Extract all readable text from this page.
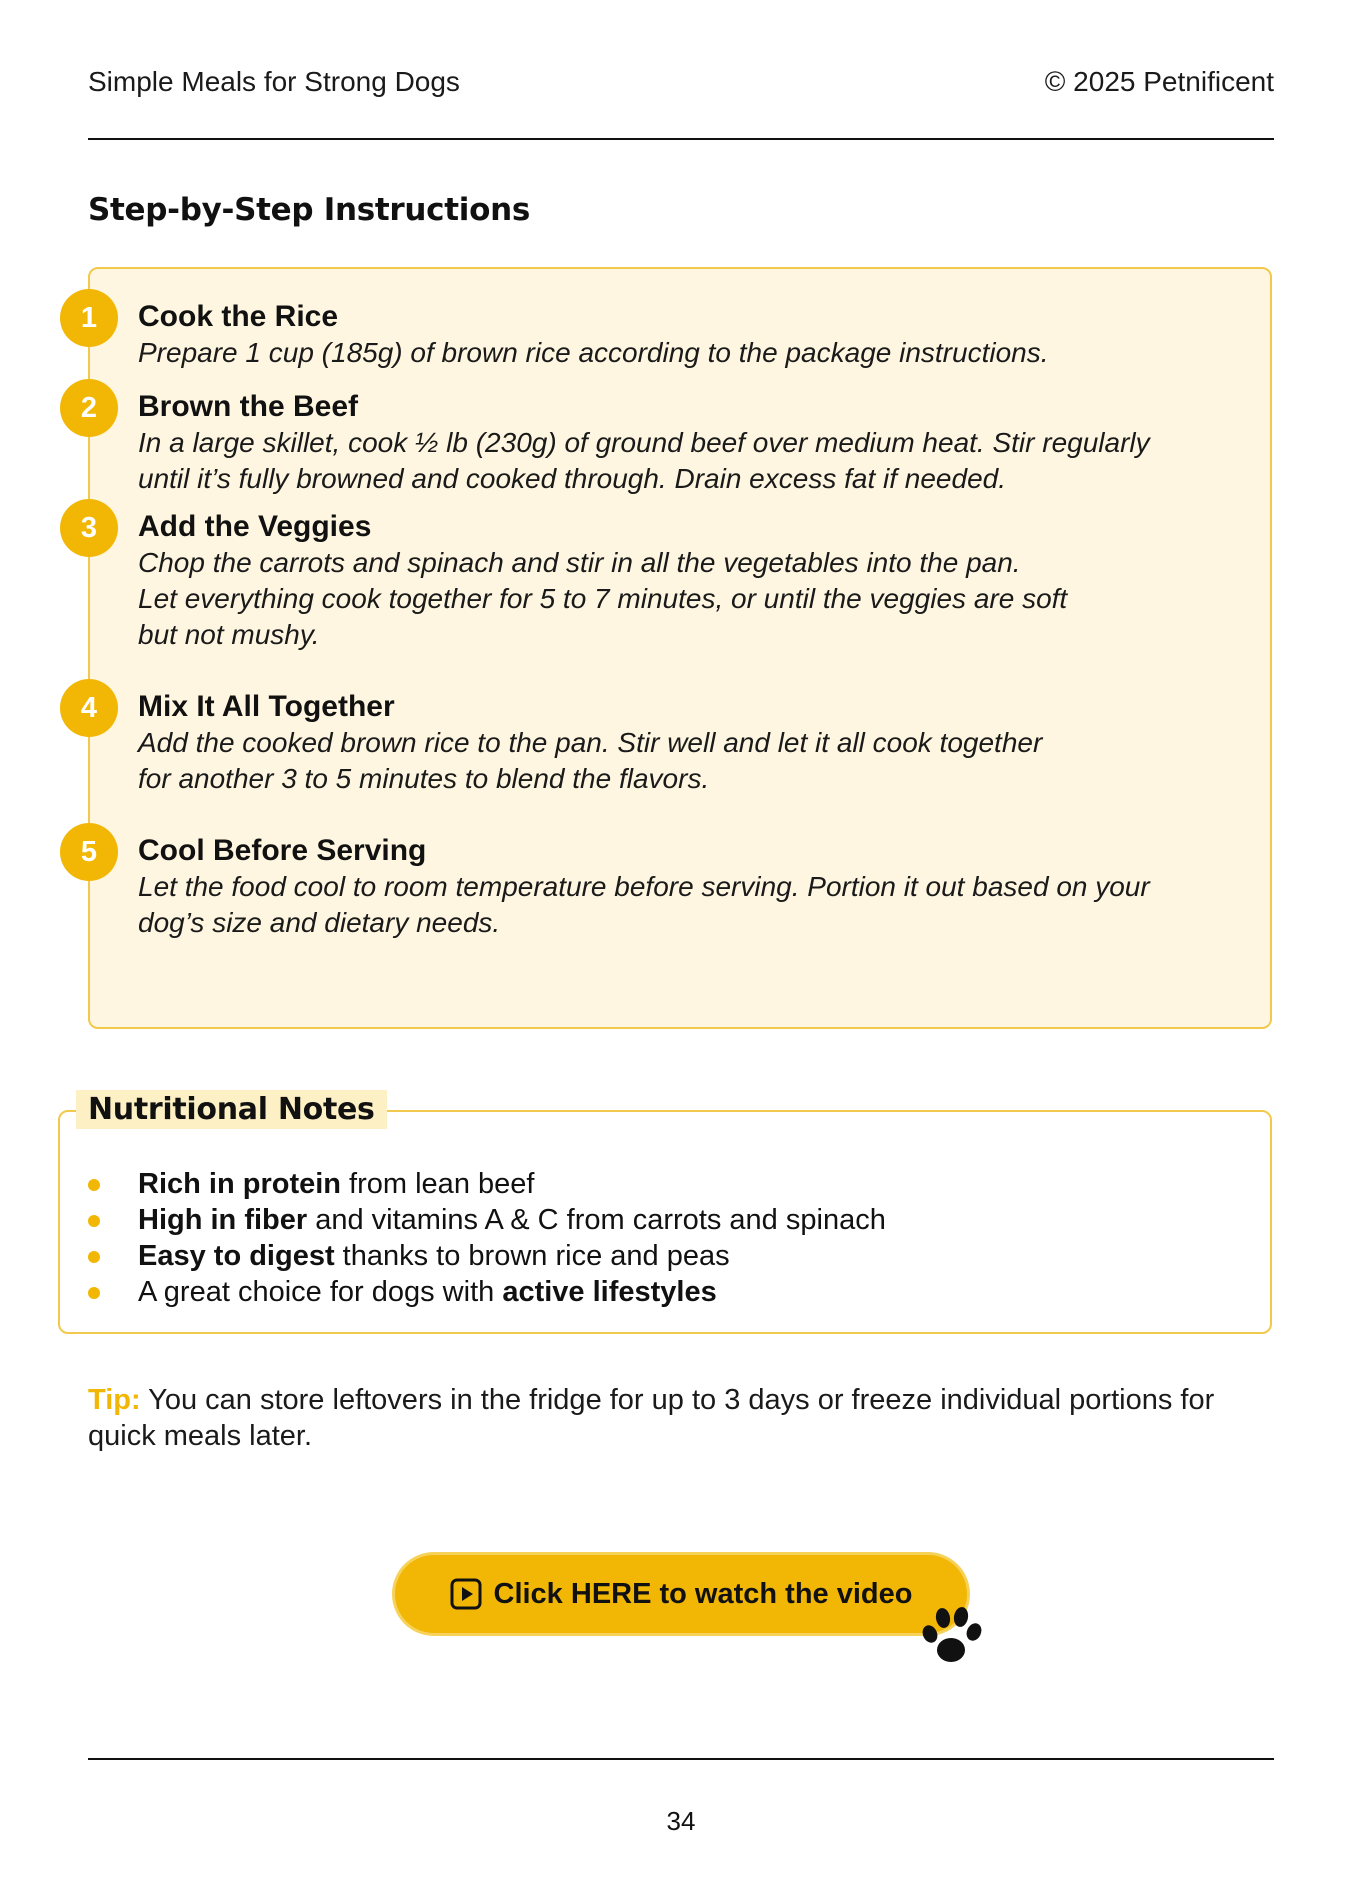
Simple Meals for Strong Dogs	© 2025 Petnificent
Step-by-Step Instructions
1	Cook the Rice

Prepare 1 cup (185g) of brown rice according to the package instructions.

2	Brown the Beef

In a large skillet, cook ½ lb (230g) of ground beef over medium heat. Stir regularly

until it’s fully browned and cooked through. Drain excess fat if needed.

3	Add the Veggies

Chop the carrots and spinach and stir in all the vegetables into the pan.

Let everything cook together for 5 to 7 minutes, or until the veggies are soft

but not mushy.

4	Mix It All Together

Add the cooked brown rice to the pan. Stir well and let it all cook together

for another 3 to 5 minutes to blend the flavors.

5	Cool Before Serving

Let the food cool to room temperature before serving. Portion it out based on your

dog’s size and dietary needs.

Nutritional Notes
Rich in protein from lean beef
High in fiber and vitamins A & C from carrots and spinach
Easy to digest thanks to brown rice and peas
A great choice for dogs with active lifestyles
Tip: You can store leftovers in the fridge for up to 3 days or freeze individual portions for quick meals later.
Click HERE to watch the video
34
